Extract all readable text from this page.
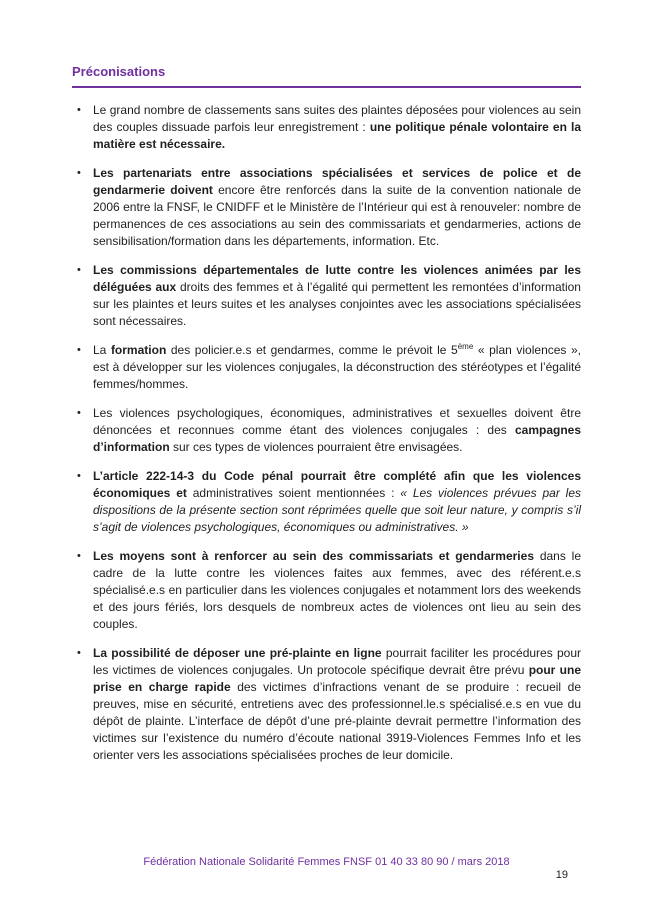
Préconisations
• Le grand nombre de classements sans suites des plaintes déposées pour violences au sein des couples dissuade parfois leur enregistrement : une politique pénale volontaire en la matière est nécessaire.
• Les partenariats entre associations spécialisées et services de police et de gendarmerie doivent encore être renforcés dans la suite de la convention nationale de 2006 entre la FNSF, le CNIDFF et le Ministère de l’Intérieur qui est à renouveler: nombre de permanences de ces associations au sein des commissariats et gendarmeries, actions de sensibilisation/formation dans les départements, information. Etc.
• Les commissions départementales de lutte contre les violences animées par les déléguées aux droits des femmes et à l’égalité qui permettent les remontées d’information sur les plaintes et leurs suites et les analyses conjointes avec les associations spécialisées sont nécessaires.
• La formation des policier.e.s et gendarmes, comme le prévoit le 5ème « plan violences », est à développer sur les violences conjugales, la déconstruction des stéréotypes et l’égalité femmes/hommes.
• Les violences psychologiques, économiques, administratives et sexuelles doivent être dénoncées et reconnues comme étant des violences conjugales : des campagnes d’information sur ces types de violences pourraient être envisagées.
• L’article 222-14-3 du Code pénal pourrait être complété afin que les violences économiques et administratives soient mentionnées : « Les violences prévues par les dispositions de la présente section sont réprimées quelle que soit leur nature, y compris s’il s’agit de violences psychologiques, économiques ou administratives. »
• Les moyens sont à renforcer au sein des commissariats et gendarmeries dans le cadre de la lutte contre les violences faites aux femmes, avec des référent.e.s spécialisé.e.s en particulier dans les violences conjugales et notamment lors des weekends et des jours fériés, lors desquels de nombreux actes de violences ont lieu au sein des couples.
• La possibilité de déposer une pré-plainte en ligne pourrait faciliter les procédures pour les victimes de violences conjugales. Un protocole spécifique devrait être prévu pour une prise en charge rapide des victimes d’infractions venant de se produire : recueil de preuves, mise en sécurité, entretiens avec des professionnel.le.s spécialisé.e.s en vue du dépôt de plainte. L’interface de dépôt d’une pré-plainte devrait permettre l’information des victimes sur l’existence du numéro d’écoute national 3919-Violences Femmes Info et les orienter vers les associations spécialisées proches de leur domicile.
Fédération Nationale Solidarité Femmes FNSF 01 40 33 80 90 / mars 2018
19
